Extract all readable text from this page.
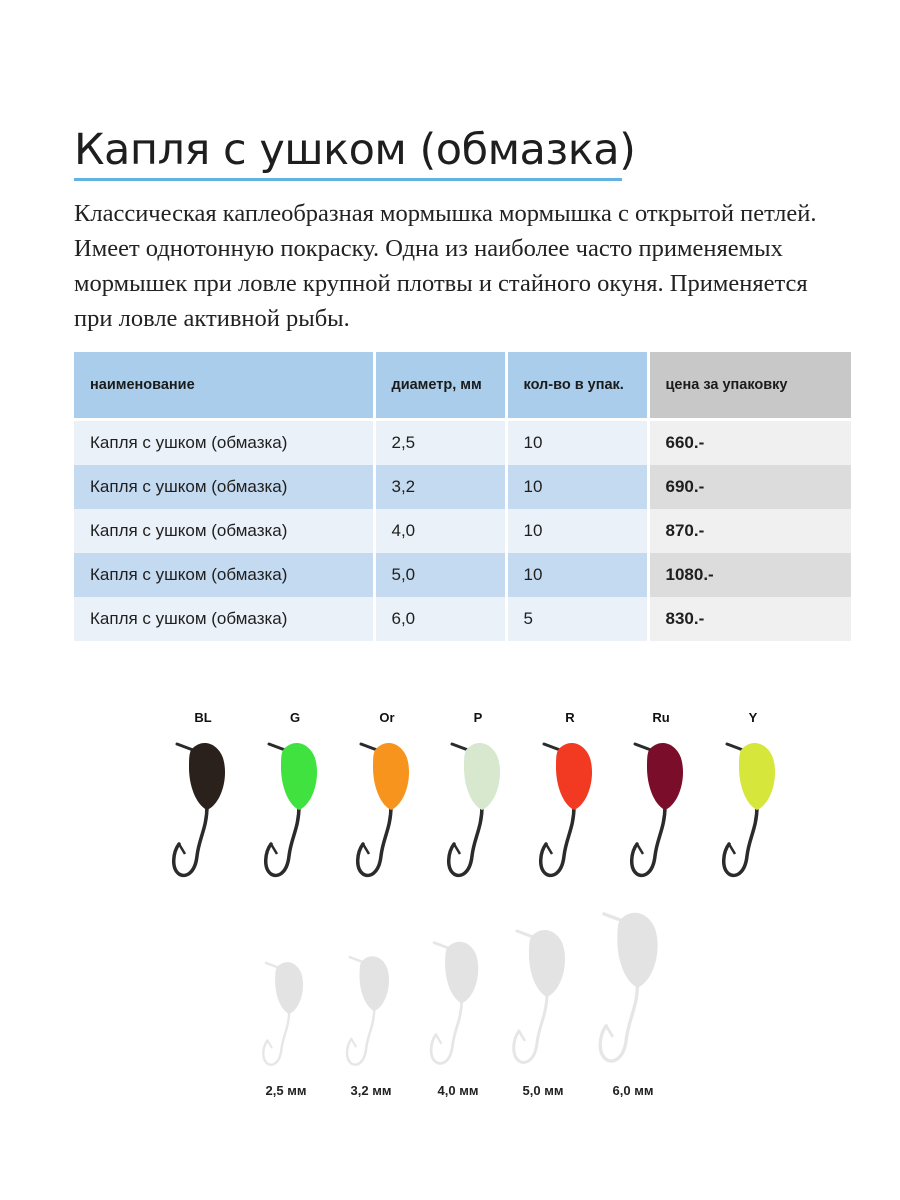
Капля с ушком (обмазка)
Классическая каплеобразная мормышка мормышка с открытой петлей. Имеет однотонную покраску. Одна из наиболее часто применяемых мормышек при ловле крупной плотвы и стайного окуня. Применяется при ловле активной рыбы.
наименование	диаметр, мм	кол-во в упак.	цена за упаковку
Капля с ушком (обмазка)	2,5	10	660.-
Капля с ушком (обмазка)	3,2	10	690.-
Капля с ушком (обмазка)	4,0	10	870.-
Капля с ушком (обмазка)	5,0	10	1080.-
Капля с ушком (обмазка)	6,0	5	830.-
BL	G	Or	P	R	Ru	Y
2,5 мм	3,2 мм	4,0 мм	5,0 мм	6,0 мм
